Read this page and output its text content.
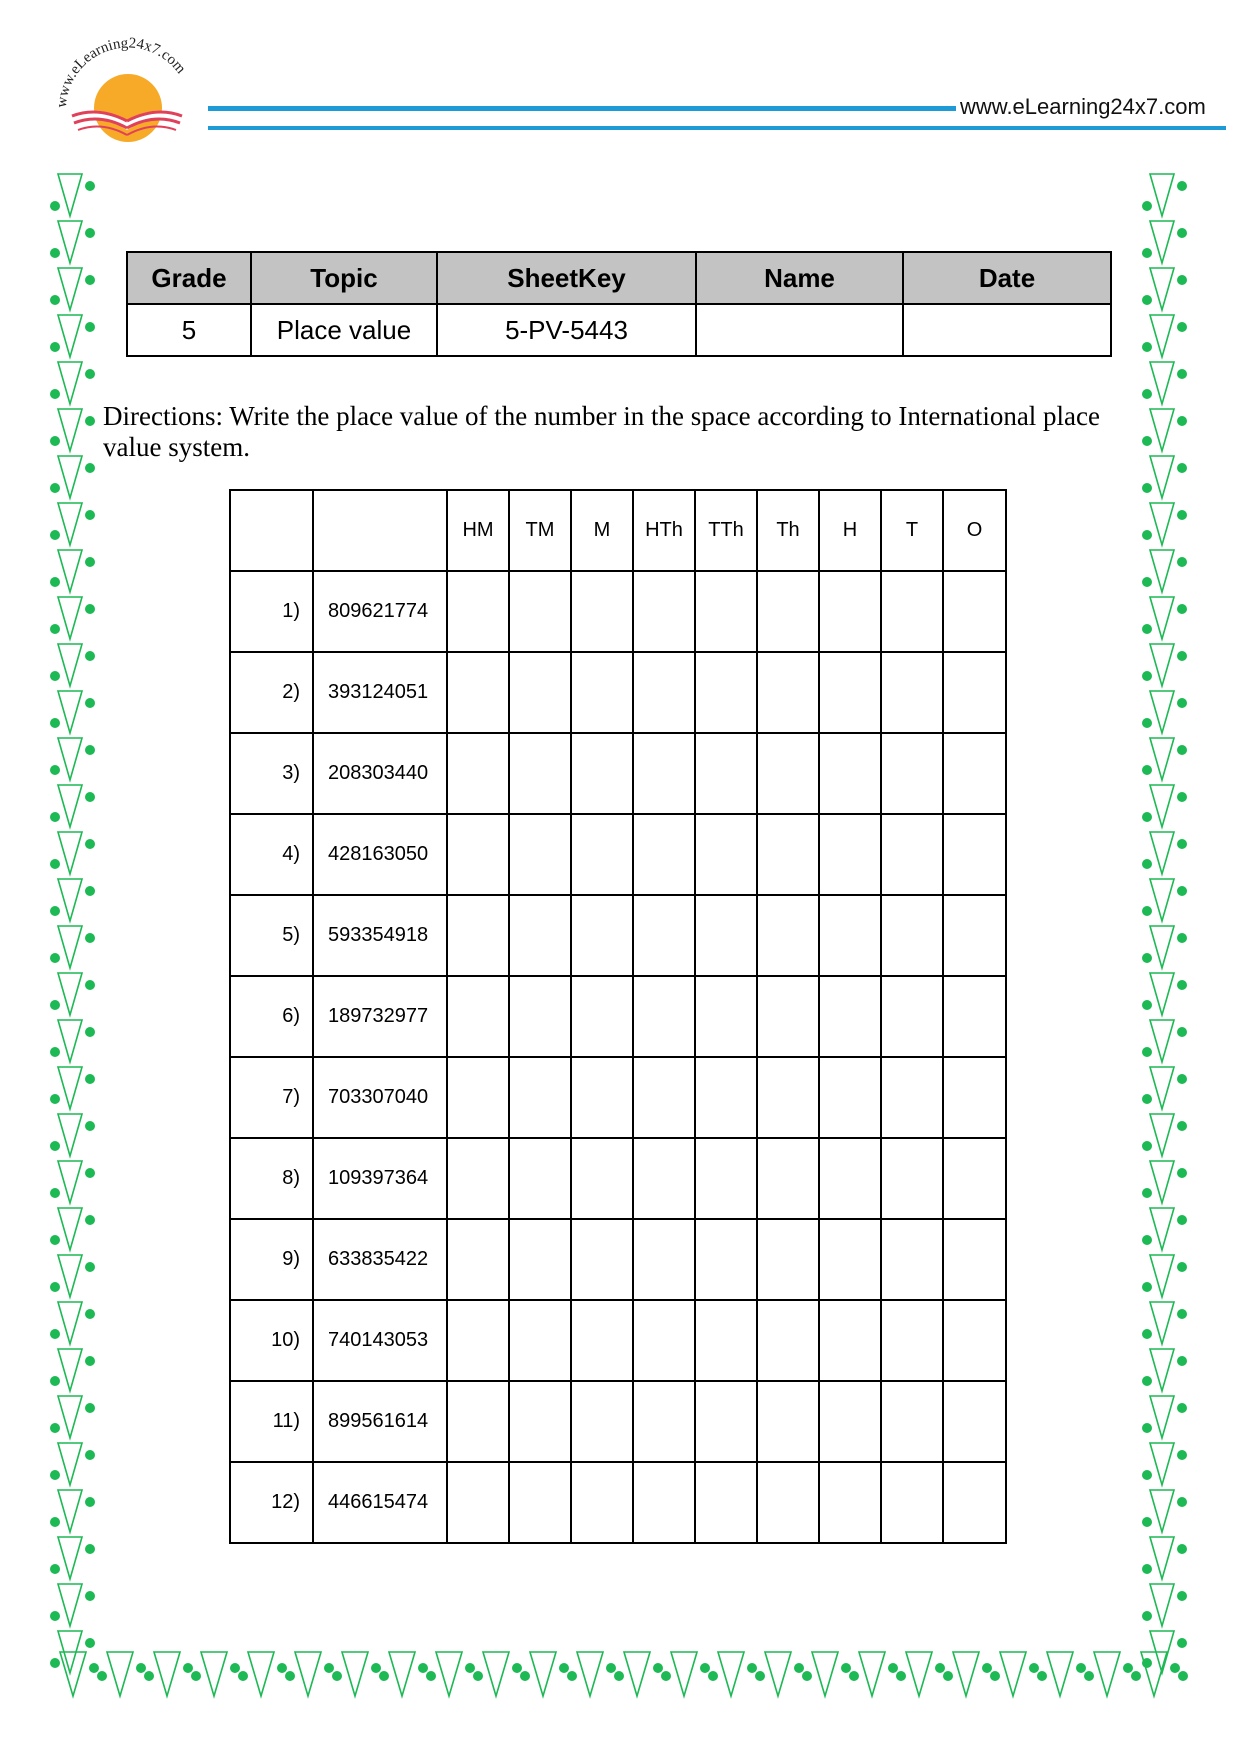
www.eLearning24x7.com
www.eLearning24x7.com
Grade	Topic	SheetKey	Name	Date
5	Place value	5-PV-5443		
Directions: Write the place value of the number in the space according to International place value system.
		HM	TM	M	HTh	TTh	Th	H	T	O
1)	809621774									
2)	393124051									
3)	208303440									
4)	428163050									
5)	593354918									
6)	189732977									
7)	703307040									
8)	109397364									
9)	633835422									
10)	740143053									
11)	899561614									
12)	446615474									
